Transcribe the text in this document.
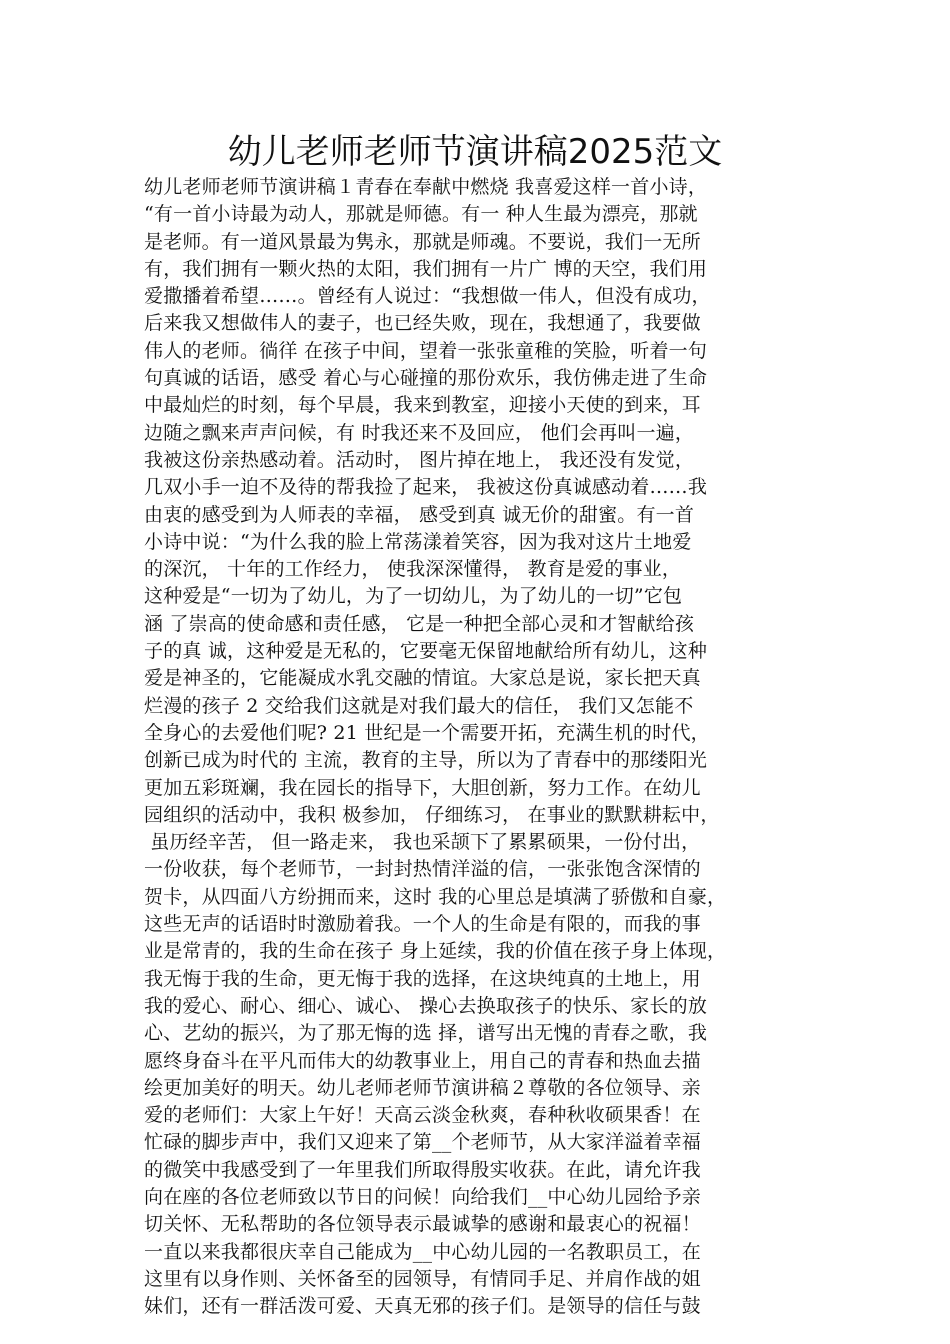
幼儿老师老师节演讲稿2025范文
幼儿老师老师节演讲稿１青春在奉献中燃烧 我喜爱这样一首小诗，
“有一首小诗最为动人，那就是师德。有一 种人生最为漂亮，那就
是老师。有一道风景最为隽永，那就是师魂。不要说，我们一无所
有，我们拥有一颗火热的太阳，我们拥有一片广 博的天空，我们用
爱撒播着希望……。曾经有人说过：“我想做一伟人，但没有成功，
后来我又想做伟人的妻子，也已经失败，现在，我想通了，我要做
伟人的老师。徜徉 在孩子中间，望着一张张童稚的笑脸，听着一句
句真诚的话语，感受 着心与心碰撞的那份欢乐，我仿佛走进了生命
中最灿烂的时刻，每个早晨，我来到教室，迎接小天使的到来，耳
边随之飘来声声问候，有 时我还来不及回应， 他们会再叫一遍，
我被这份亲热感动着。活动时， 图片掉在地上， 我还没有发觉，
几双小手一迫不及待的帮我捡了起来， 我被这份真诚感动着……我
由衷的感受到为人师表的幸福， 感受到真 诚无价的甜蜜。有一首
小诗中说：“为什么我的脸上常荡漾着笑容，因为我对这片土地爱
的深沉， 十年的工作经力， 使我深深懂得， 教育是爱的事业，
这种爱是“一切为了幼儿，为了一切幼儿，为了幼儿的一切”它包
涵 了崇高的使命感和责任感， 它是一种把全部心灵和才智献给孩
子的真 诚，这种爱是无私的，它要毫无保留地献给所有幼儿，这种
爱是神圣的，它能凝成水乳交融的情谊。大家总是说，家长把天真
烂漫的孩子 2 交给我们这就是对我们最大的信任， 我们又怎能不
全身心的去爱他们呢? 21 世纪是一个需要开拓，充满生机的时代，
创新已成为时代的 主流，教育的主导，所以为了青春中的那缕阳光
更加五彩斑斓，我在园长的指导下，大胆创新，努力工作。在幼儿
园组织的活动中，我积 极参加， 仔细练习， 在事业的默默耕耘中，
虽历经辛苦， 但一路走来， 我也采颉下了累累硕果，一份付出，
一份收获，每个老师节，一封封热情洋溢的信，一张张饱含深情的
贺卡，从四面八方纷拥而来，这时 我的心里总是填满了骄傲和自豪，
这些无声的话语时时激励着我。一个人的生命是有限的，而我的事
业是常青的，我的生命在孩子 身上延续，我的价值在孩子身上体现，
我无悔于我的生命，更无悔于我的选择，在这块纯真的土地上，用
我的爱心、耐心、细心、诚心、 操心去换取孩子的快乐、家长的放
心、艺幼的振兴，为了那无悔的选 择，谱写出无愧的青春之歌，我
愿终身奋斗在平凡而伟大的幼教事业上，用自己的青春和热血去描
绘更加美好的明天。幼儿老师老师节演讲稿２尊敬的各位领导、亲
爱的老师们：大家上午好！天高云淡金秋爽，春种秋收硕果香！在
忙碌的脚步声中，我们又迎来了第__个老师节，从大家洋溢着幸福
的微笑中我感受到了一年里我们所取得殷实收获。在此，请允许我
向在座的各位老师致以节日的问候！向给我们__中心幼儿园给予亲
切关怀、无私帮助的各位领导表示最诚挚的感谢和最衷心的祝福！
一直以来我都很庆幸自己能成为__中心幼儿园的一名教职员工，在
这里有以身作则、关怀备至的园领导，有情同手足、并肩作战的姐
妹们，还有一群活泼可爱、天真无邪的孩子们。是领导的信任与鼓
